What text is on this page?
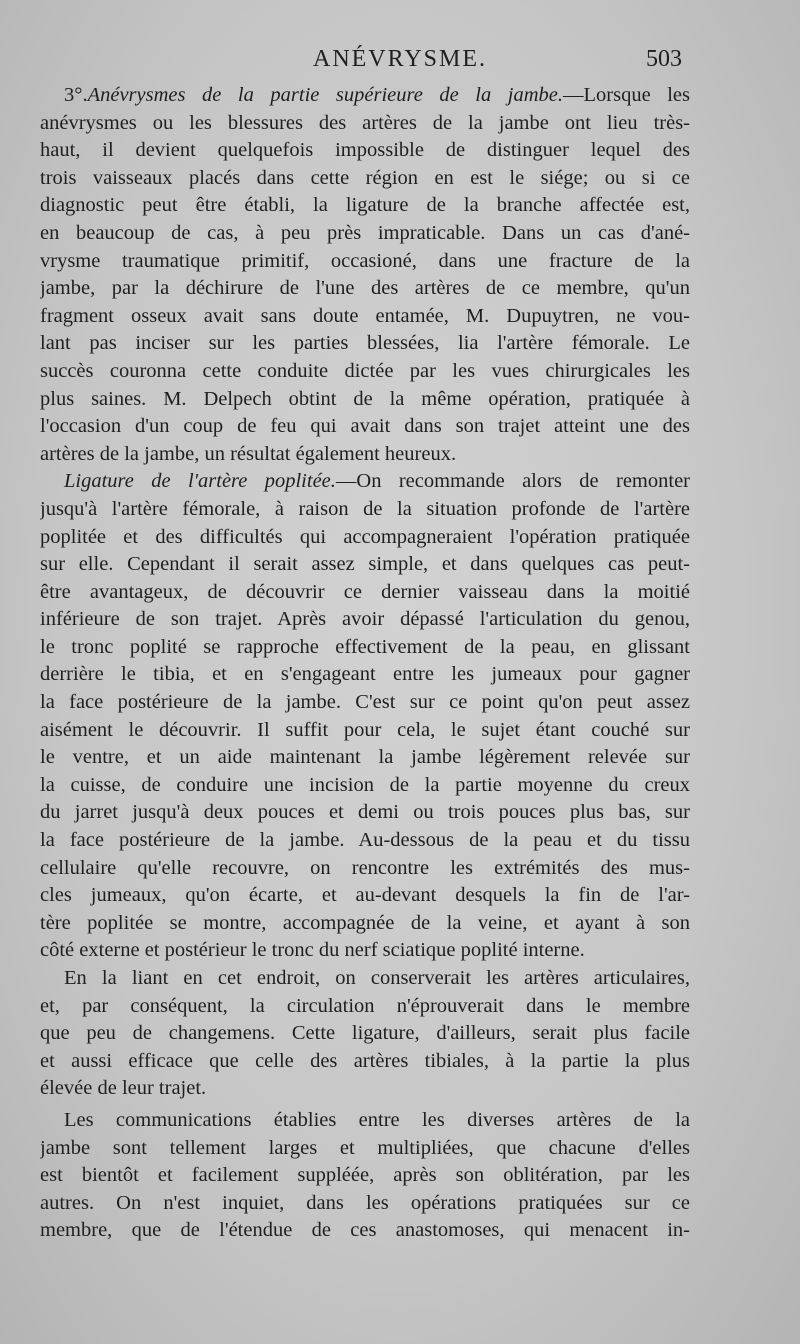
ANÉVRYSME.	503
3°.Anévrysmes de la partie supérieure de la jambe.—Lorsque les
anévrysmes ou les blessures des artères de la jambe ont lieu très-
haut, il devient quelquefois impossible de distinguer lequel des
trois vaisseaux placés dans cette région en est le siége; ou si ce
diagnostic peut être établi, la ligature de la branche affectée est,
en beaucoup de cas, à peu près impraticable. Dans un cas d'ané-
vrysme traumatique primitif, occasioné, dans une fracture de la
jambe, par la déchirure de l'une des artères de ce membre, qu'un
fragment osseux avait sans doute entamée, M. Dupuytren, ne vou-
lant pas inciser sur les parties blessées, lia l'artère fémorale. Le
succès couronna cette conduite dictée par les vues chirurgicales les
plus saines. M. Delpech obtint de la même opération, pratiquée à
l'occasion d'un coup de feu qui avait dans son trajet atteint une des
artères de la jambe, un résultat également heureux.
Ligature de l'artère poplitée.—On recommande alors de remonter
jusqu'à l'artère fémorale, à raison de la situation profonde de l'artère
poplitée et des difficultés qui accompagneraient l'opération pratiquée
sur elle. Cependant il serait assez simple, et dans quelques cas peut-
être avantageux, de découvrir ce dernier vaisseau dans la moitié
inférieure de son trajet. Après avoir dépassé l'articulation du genou,
le tronc poplité se rapproche effectivement de la peau, en glissant
derrière le tibia, et en s'engageant entre les jumeaux pour gagner
la face postérieure de la jambe. C'est sur ce point qu'on peut assez
aisément le découvrir. Il suffit pour cela, le sujet étant couché sur
le ventre, et un aide maintenant la jambe légèrement relevée sur
la cuisse, de conduire une incision de la partie moyenne du creux
du jarret jusqu'à deux pouces et demi ou trois pouces plus bas, sur
la face postérieure de la jambe. Au-dessous de la peau et du tissu
cellulaire qu'elle recouvre, on rencontre les extrémités des mus-
cles jumeaux, qu'on écarte, et au-devant desquels la fin de l'ar-
tère poplitée se montre, accompagnée de la veine, et ayant à son
côté externe et postérieur le tronc du nerf sciatique poplité interne.
En la liant en cet endroit, on conserverait les artères articulaires,
et, par conséquent, la circulation n'éprouverait dans le membre
que peu de changemens. Cette ligature, d'ailleurs, serait plus facile
et aussi efficace que celle des artères tibiales, à la partie la plus
élevée de leur trajet.
Les communications établies entre les diverses artères de la
jambe sont tellement larges et multipliées, que chacune d'elles
est bientôt et facilement suppléée, après son oblitération, par les
autres. On n'est inquiet, dans les opérations pratiquées sur ce
membre, que de l'étendue de ces anastomoses, qui menacent in-
